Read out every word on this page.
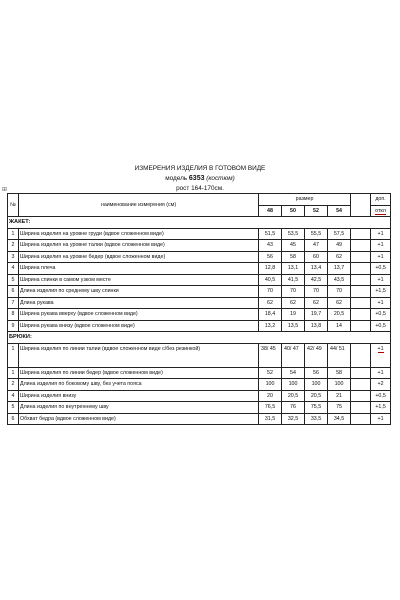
ИЗМЕРЕНИЯ ИЗДЕЛИЯ В ГОТОВОМ ВИДЕ
модель 6353 (костюм)
рост 164-170см.
⊞
№	наименование измерения (см)	размер					доп.
		48	50	52	54		откл
ЖАКЕТ:							
1	Ширина изделия на уровне груди (вдвое сложенном виде)	51,5	53,5	55,5	57,5		+1
2	Ширина изделия на уровне талии (вдвое сложенном виде)	43	45	47	49		+1
3	Ширина изделия на уровне бедер (вдвое сложенном виде)	56	58	60	62		+1
4	Ширина плеча	12,8	13,1	13,4	13,7		+0,5
5	Ширина спинки в самом узком месте	40,5	41,5	42,5	43,5		+1
6	Длина изделия по среднему шву спинки	70	70	70	70		+1,5
7	Длина рукава	62	62	62	62		+1
8	Ширина рукава вверху (вдвое сложенном виде)	18,4	19	19,7	20,5		+0,5
9	Ширина рукава внизу (вдвое сложенном виде)	13,2	13,5	13,8	14		+0,5
БРЮКИ:							
1	Ширина изделия по линии талии (вдвое сложенном виде с/без резинкой)	38/ 45	40/ 47	42/ 49	44/ 51		+1
1	Ширина изделия по линии бедер (вдвое сложенном виде)	52	54	56	58		+1
2	Длина изделия по боковому шву, без учета пояса	100	100	100	100		+2
4	Ширина изделия внизу	20	20,5	20,5	21		+0,5
5	Длина изделия по внутреннему шву	76,5	76	75,5	75		+1,5
6	Обхват бедра (вдвое сложенном виде)	31,5	32,5	33,5	34,5		+1
